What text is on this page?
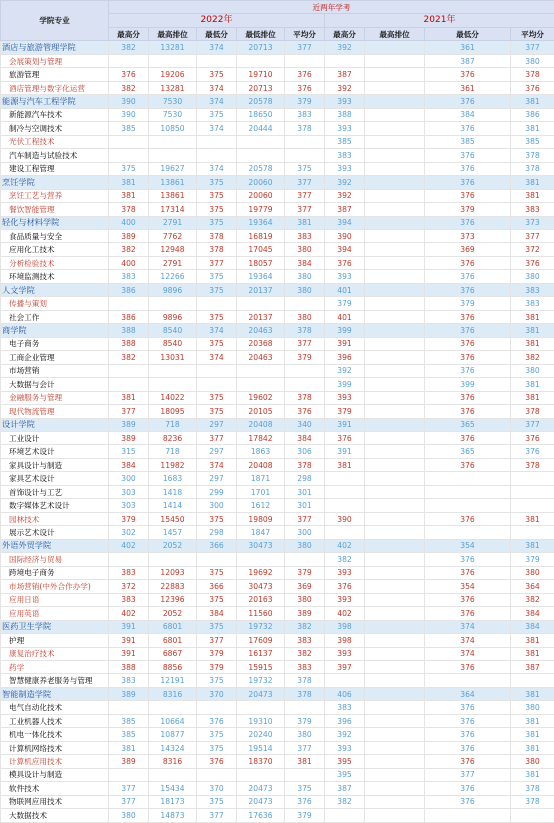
学院专业	近两年学考								
	2022年					2021年			
	最高分	最高排位	最低分	最低排位	平均分	最高分	最高排位	最低分	平均分
酒店与旅游管理学院	382	13281	374	20713	377	392		361	377
会展策划与管理								387	380
旅游管理	376	19206	375	19710	376	387		376	378
酒店管理与数字化运营	382	13281	374	20713	376	392		361	376
能源与汽车工程学院	390	7530	374	20578	379	393		376	381
新能源汽车技术	390	7530	375	18650	383	388		384	386
制冷与空调技术	385	10850	374	20444	378	393		376	381
光伏工程技术						385		385	385
汽车制造与试验技术						383		376	378
建设工程管理	375	19627	374	20578	375	393		376	378
烹饪学院	381	13861	375	20060	377	392		376	381
烹饪工艺与营养	381	13861	375	20060	377	392		376	381
餐饮智能管理	378	17314	375	19779	377	387		379	383
轻化与材料学院	400	2791	375	19364	381	394		376	373
食品质量与安全	389	7762	378	16819	383	390		373	377
应用化工技术	382	12948	378	17045	380	394		369	372
分析检验技术	400	2791	377	18057	384	376		376	376
环境监测技术	383	12266	375	19364	380	393		376	380
人文学院	386	9896	375	20137	380	401		376	383
传播与策划						379		379	383
社会工作	386	9896	375	20137	380	401		376	381
商学院	388	8540	374	20463	378	399		376	381
电子商务	388	8540	375	20368	377	391		376	381
工商企业管理	382	13031	374	20463	379	396		376	382
市场营销						392		376	380
大数据与会计						399		399	381
金融服务与管理	381	14022	375	19602	378	393		376	381
现代物流管理	377	18095	375	20105	376	379		376	378
设计学院	389	718	297	20408	340	391		365	377
工业设计	389	8236	377	17842	384	376		376	376
环境艺术设计	315	718	297	1863	306	391		365	376
家具设计与制造	384	11982	374	20408	378	381		376	378
家具艺术设计	300	1683	297	1871	298				
首饰设计与工艺	303	1418	299	1701	301				
数字媒体艺术设计	303	1414	300	1612	301				
园林技术	379	15450	375	19809	377	390		376	381
展示艺术设计	302	1457	298	1847	300				
外语外贸学院	402	2052	366	30473	380	402		354	381
国际经济与贸易						382		376	379
跨境电子商务	383	12093	375	19692	379	393		376	380
市场营销(中外合作办学)	372	22883	366	30473	369	376		354	364
应用日语	383	12396	375	20163	380	393		376	382
应用英语	402	2052	384	11560	389	402		376	384
医药卫生学院	391	6801	375	19732	382	398		374	384
护理	391	6801	377	17609	383	398		374	381
康复治疗技术	391	6867	379	16137	382	393		374	381
药学	388	8856	379	15915	383	397		376	387
智慧健康养老服务与管理	383	12191	375	19732	378				
智能制造学院	389	8316	370	20473	378	406		364	381
电气自动化技术						383		376	380
工业机器人技术	385	10664	376	19310	379	396		376	381
机电一体化技术	385	10877	375	20240	380	392		376	381
计算机网络技术	381	14324	375	19514	377	393		376	381
计算机应用技术	389	8316	376	18370	381	395		376	380
模具设计与制造						395		377	381
软件技术	377	15434	370	20473	375	387		376	378
物联网应用技术	377	18173	375	20473	376	382		376	378
大数据技术	380	14873	377	17636	379				
